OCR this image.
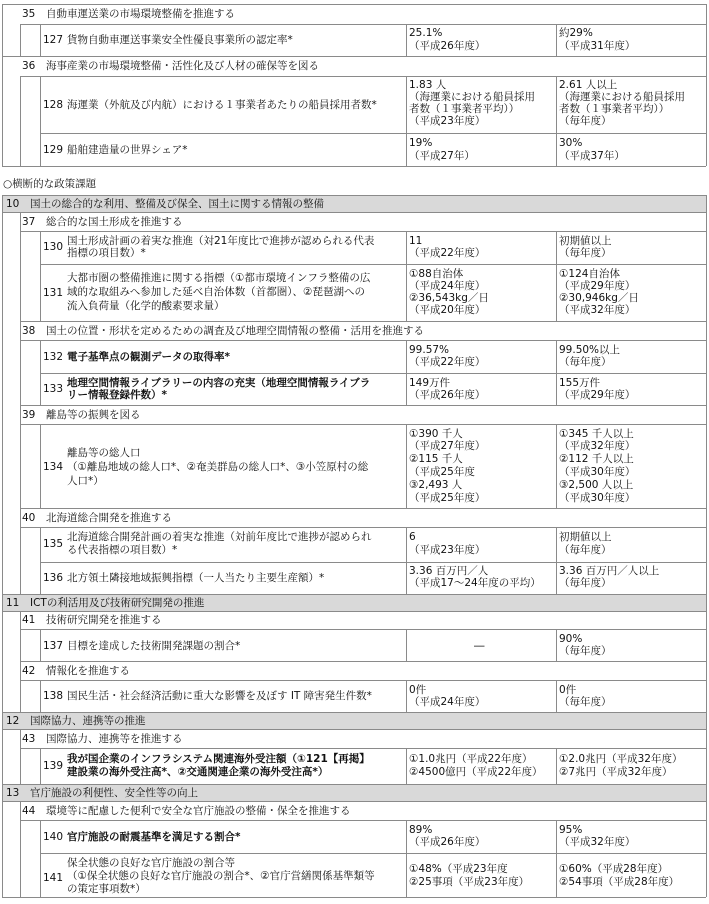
35 自動車運送業の市場環境整備を推進する
127 貨物自動車運送事業安全性優良事業所の認定率*
25.1%
（平成26年度）
約29%
（平成31年度）
36 海事産業の市場環境整備・活性化及び人材の確保等を図る
128 海運業（外航及び内航）における１事業者あたりの船員採用者数*
1.83 人
（海運業における船員採用
者数（１事業者平均））
（平成23年度）
2.61 人以上
（海運業における船員採用
者数（１事業者平均））
（毎年度）
129 船舶建造量の世界シェア*
19%
（平成27年）
30%
（平成37年）
○横断的な政策課題
10 国土の総合的な利用、整備及び保全、国土に関する情報の整備
37 総合的な国土形成を推進する
130 国土形成計画の着実な推進（対21年度比で進捗が認められる代表
指標の項目数）*
11
（平成22年度）
初期値以上
（毎年度）
131
大都市圏の整備推進に関する指標（①都市環境インフラ整備の広
域的な取組みへ参加した延べ自治体数（首都圏）、②琵琶湖への
流入負荷量（化学的酸素要求量）
①88自治体
（平成24年度）
②36,543kg／日
（平成20年度）
①124自治体
（平成29年度）
②30,946kg／日
（平成32年度）
38 国土の位置・形状を定めるための調査及び地理空間情報の整備・活用を推進する
132 電子基準点の観測データの取得率*
99.57%
（平成22年度）
99.50%以上
（毎年度）
133 地理空間情報ライブラリーの内容の充実（地理空間情報ライブラ
リー情報登録件数）*
149万件
（平成26年度）
155万件
（平成29年度）
39 離島等の振興を図る
134
離島等の総人口
（①離島地域の総人口*、②奄美群島の総人口*、③小笠原村の総
人口*）
①390 千人
（平成27年度）
②115 千人
（平成25年度
③2,493 人
（平成25年度）
①345 千人以上
（平成32年度）
②112 千人以上
（平成30年度）
③2,500 人以上
（平成30年度）
40 北海道総合開発を推進する
135
北海道総合開発計画の着実な推進（対前年度比で進捗が認められ
る代表指標の項目数）*
6
（平成23年度）
初期値以上
（毎年度）
136 北方領土隣接地域振興指標（一人当たり主要生産額）*
3.36 百万円／人
（平成17～24年度の平均）
3.36 百万円／人以上
（毎年度）
11 ICTの利活用及び技術研究開発の推進
41 技術研究開発を推進する
137 目標を達成した技術開発課題の割合*	―
90%
（毎年度）
42 情報化を推進する
138 国民生活・社会経済活動に重大な影響を及ぼす IT 障害発生件数*	0件
（平成24年度）
0件
（毎年度）
12 国際協力、連携等の推進
43 国際協力、連携等を推進する
139
我が国企業のインフラシステム関連海外受注額（①121【再掲】
建設業の海外受注高*、②交通関連企業の海外受注高*）
①1.0兆円（平成22年度）
②4500億円（平成22年度）
①2.0兆円（平成32年度）
②7兆円（平成32年度）
13 官庁施設の利便性、安全性等の向上
44 環境等に配慮した便利で安全な官庁施設の整備・保全を推進する
140 官庁施設の耐震基準を満足する割合*
89%
（平成26年度）
95%
（平成32年度）
141
保全状態の良好な官庁施設の割合等
（①保全状態の良好な官庁施設の割合*、②官庁営繕関係基準類等
の策定事項数*）
①48%（平成23年度
②25事項（平成23年度）
①60%（平成28年度）
②54事項（平成28年度）
